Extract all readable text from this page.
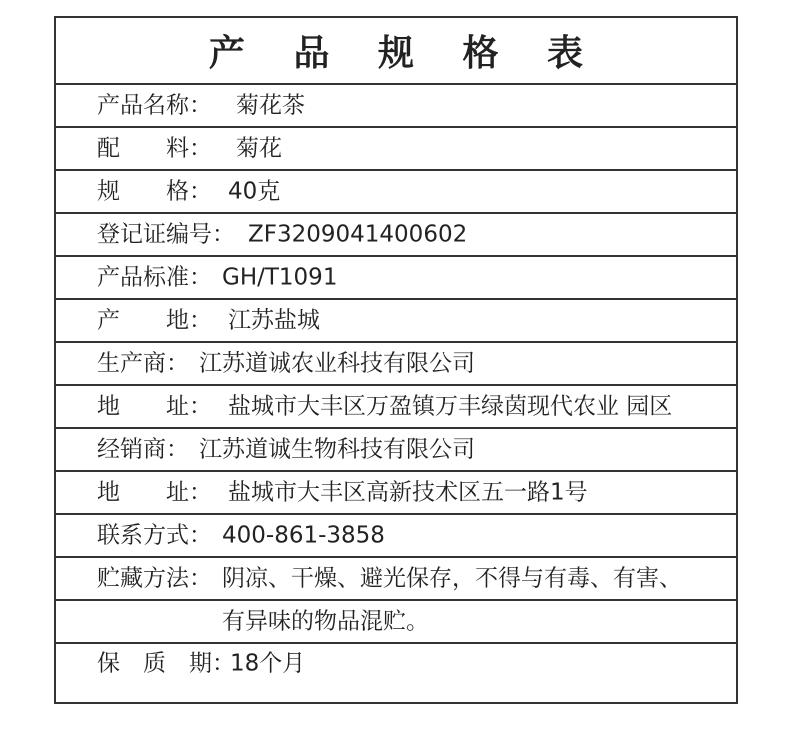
产 品 规 格 表
产品名称： 菊花茶
配　　料： 菊花
规　　格： 40克
登记证编号： ZF3209041400602
产品标准： GH/T1091
产　　地： 江苏盐城
生产商： 江苏道诚农业科技有限公司
地　　址： 盐城市大丰区万盈镇万丰绿茵现代农业 园区
经销商： 江苏道诚生物科技有限公司
地　　址： 盐城市大丰区高新技术区五一路1号
联系方式： 400-861-3858
贮藏方法： 阴凉、干燥、避光保存，不得与有毒、有害、
有异味的物品混贮。
保　质　期：
18个月
